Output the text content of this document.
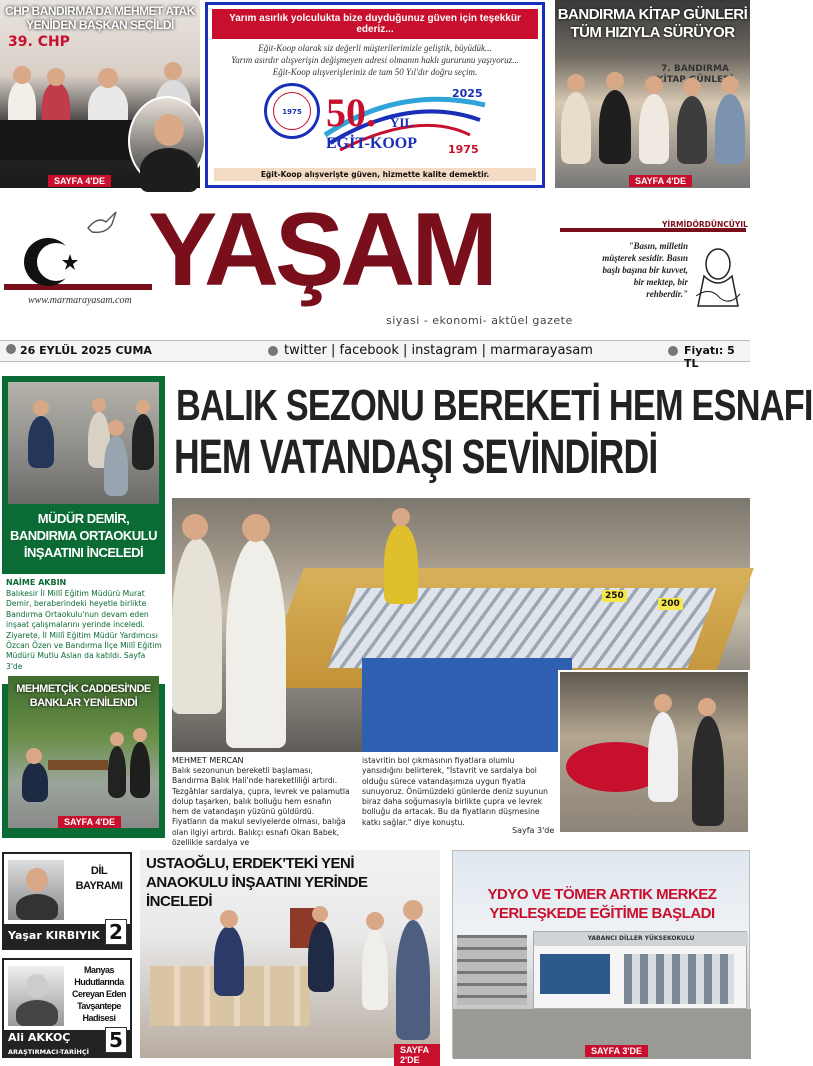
CHP BANDIRMA'DA MEHMET ATAK YENİDEN BAŞKAN SEÇİLDİ
39. CHP
SAYFA 4'DE
Yarım asırlık yolculukta bize duyduğunuz güven için teşekkür ederiz...
Eğit-Koop olarak siz değerli müşterilerimizle geliştik, büyüdük...
Yarım asırdır alışverişin değişmeyen adresi olmanın haklı gururunu yaşıyoruz...
Eğit-Koop alışverişleriniz de tam 50 Yıl'dır doğru seçim.
1975 50. YIL
EĞİT-KOOP
2025
1975
Eğit-Koop alışverişte güven, hizmette kalite demektir.
BANDIRMA KİTAP GÜNLERİ TÜM HIZIYLA SÜRÜYOR
7. BANDIRMA KİTAP GÜNLERİ
SAYFA 4'DE
YAŞAM
www.marmarayasam.com
siyasi - ekonomi- aktüel gazete
YİRMİDÖRDÜNCÜYIL
"Basın, milletin müşterek sesidir. Basın başlı başına bir kuvvet, bir mektep, bir rehberdir."
26 EYLÜL 2025 CUMA	twitter | facebook | instagram | marmarayasam	Fiyatı: 5 TL
MÜDÜR DEMİR, BANDIRMA ORTAOKULU İNŞAATINI İNCELEDİ
NAİME AKBIN
Balıkesir İl Millî Eğitim Müdürü Murat Demir, beraberindeki heyetle birlikte Bandırma Ortaokulu'nun devam eden inşaat çalışmalarını yerinde inceledi. Ziyarete, İl Millî Eğitim Müdür Yardımcısı Özcan Özen ve Bandırma İlçe Millî Eğitim Müdürü Mutlu Aslan da katıldı. Sayfa 3'de
MEHMETÇİK CADDESİ'NDE BANKLAR YENİLENDİ
SAYFA 4'DE
BALIK SEZONU BEREKETİ HEM ESNAFI
HEM VATANDAŞI SEVİNDİRDİ
250
200
MEHMET MERCAN
Balık sezonunun bereketli başlaması, Bandırma Balık Hali'nde hareketliliği artırdı. Tezgâhlar sardalya, çupra, levrek ve palamutla dolup taşarken, balık bolluğu hem esnafın hem de vatandaşın yüzünü güldürdü. Fiyatların da makul seviyelerde olması, balığa olan ilgiyi artırdı. Balıkçı esnafı Okan Babek, özellikle sardalya ve
istavritin bol çıkmasının fiyatlara olumlu yansıdığını belirterek, "İstavrit ve sardalya bol olduğu sürece vatandaşımıza uygun fiyatla sunuyoruz. Önümüzdeki günlerde deniz suyunun biraz daha soğumasıyla birlikte çupra ve levrek bolluğu da artacak. Bu da fiyatların düşmesine katkı sağlar." diye konuştu.
Sayfa 3'de
DİL BAYRAMI
Yaşar KIRBIYIK 2
Manyas Hudutlarında Cereyan Eden Tavşantepe Hadisesi
Ali AKKOÇ
ARAŞTIRMACI-TARİHÇİ 5
USTAOĞLU, ERDEK'TEKİ YENİ ANAOKULU İNŞAATINI YERİNDE İNCELEDİ
SAYFA 2'DE
YDYO VE TÖMER ARTIK MERKEZ YERLEŞKEDE EĞİTİME BAŞLADI
YABANCI DİLLER YÜKSEKOKULU
SAYFA 3'DE
